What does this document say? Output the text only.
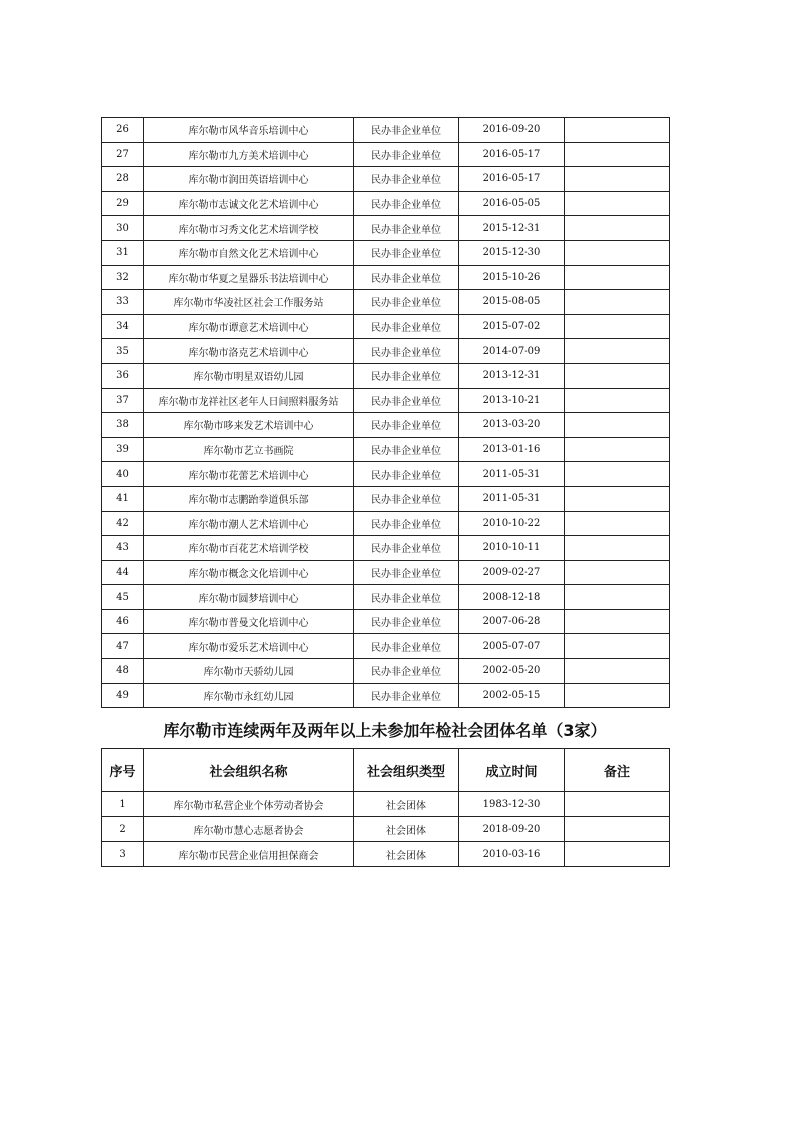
26	库尔勒市风华音乐培训中心	民办非企业单位	2016-09-20	
27	库尔勒市九方美术培训中心	民办非企业单位	2016-05-17	
28	库尔勒市润田英语培训中心	民办非企业单位	2016-05-17	
29	库尔勒市志诚文化艺术培训中心	民办非企业单位	2016-05-05	
30	库尔勒市习秀文化艺术培训学校	民办非企业单位	2015-12-31	
31	库尔勒市自然文化艺术培训中心	民办非企业单位	2015-12-30	
32	库尔勒市华夏之星器乐书法培训中心	民办非企业单位	2015-10-26	
33	库尔勒市华凌社区社会工作服务站	民办非企业单位	2015-08-05	
34	库尔勒市谭意艺术培训中心	民办非企业单位	2015-07-02	
35	库尔勒市洛克艺术培训中心	民办非企业单位	2014-07-09	
36	库尔勒市明星双语幼儿园	民办非企业单位	2013-12-31	
37	库尔勒市龙祥社区老年人日间照料服务站	民办非企业单位	2013-10-21	
38	库尔勒市哆来发艺术培训中心	民办非企业单位	2013-03-20	
39	库尔勒市艺立书画院	民办非企业单位	2013-01-16	
40	库尔勒市花蕾艺术培训中心	民办非企业单位	2011-05-31	
41	库尔勒市志鹏跆拳道俱乐部	民办非企业单位	2011-05-31	
42	库尔勒市潮人艺术培训中心	民办非企业单位	2010-10-22	
43	库尔勒市百花艺术培训学校	民办非企业单位	2010-10-11	
44	库尔勒市概念文化培训中心	民办非企业单位	2009-02-27	
45	库尔勒市圆梦培训中心	民办非企业单位	2008-12-18	
46	库尔勒市普曼文化培训中心	民办非企业单位	2007-06-28	
47	库尔勒市爱乐艺术培训中心	民办非企业单位	2005-07-07	
48	库尔勒市天骄幼儿园	民办非企业单位	2002-05-20	
49	库尔勒市永红幼儿园	民办非企业单位	2002-05-15	
库尔勒市连续两年及两年以上未参加年检社会团体名单（3家）
序号	社会组织名称	社会组织类型	成立时间	备注
1	库尔勒市私营企业个体劳动者协会	社会团体	1983-12-30	
2	库尔勒市慧心志愿者协会	社会团体	2018-09-20	
3	库尔勒市民营企业信用担保商会	社会团体	2010-03-16	
